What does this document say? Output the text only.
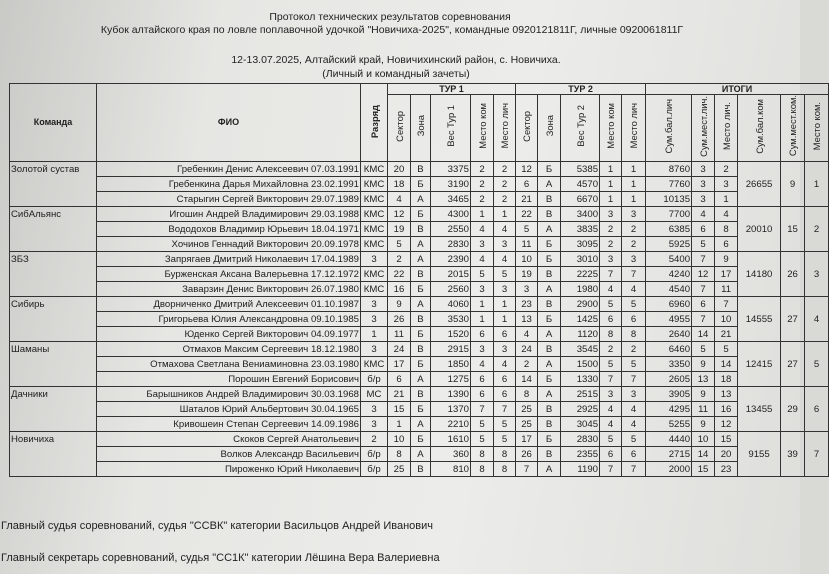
Протокол технических результатов соревнования
Кубок алтайского края по ловле поплавочной удочкой "Новичиха-2025", командные 0920121811Г, личные 0920061811Г
12-13.07.2025, Алтайский край, Новичихинский район, с. Новичиха.
(Личный и командный зачеты)
Команда	ФИО	Разряд	ТУР 1					ТУР 2					ИТОГИ					
			Сектор	Зона	Вес Тур 1	Место ком	Место лич	Сектор	Зона	Вес Тур 2	Место ком	Место лич	Сум.бал.лич	Сум.мест.лич.	Место лич.	Сум.бал.ком	Сум.мест.ком.	Место ком.

Золотой сустав	Гребенкин Денис Алексеевич 07.03.1991	КМС	20	В	3375	2	2	12	Б	5385	1	1	8760	3	2	26655	9	1
	Гребенкина Дарья Михайловна 23.02.1991	КМС	18	Б	3190	2	2	6	А	4570	1	1	7760	3	3			
	Старыгин Сергей Викторович 29.07.1989	КМС	4	А	3465	2	2	21	В	6670	1	1	10135	3	1			

СибАльянс	Игошин Андрей Владимирович 29.03.1988	КМС	12	Б	4300	1	1	22	В	3400	3	3	7700	4	4	20010	15	2
	Вододохов Владимир Юрьевич 18.04.1971	КМС	19	В	2550	4	4	5	А	3835	2	2	6385	6	8			
	Хочинов Геннадий Викторович 20.09.1978	КМС	5	А	2830	3	3	11	Б	3095	2	2	5925	5	6			

ЗБЗ	Запрягаев Дмитрий Николаевич 17.04.1989	3	2	А	2390	4	4	10	Б	3010	3	3	5400	7	9	14180	26	3
	Бурженская Аксана Валерьевна 17.12.1972	КМС	22	В	2015	5	5	19	В	2225	7	7	4240	12	17			
	Заварзин Денис Викторович 26.07.1980	КМС	16	Б	2560	3	3	3	А	1980	4	4	4540	7	11			

Сибирь	Дворниченко Дмитрий Алексеевич 01.10.1987	3	9	А	4060	1	1	23	В	2900	5	5	6960	6	7	14555	27	4
	Григорьева Юлия Александровна 09.10.1985	3	26	В	3530	1	1	13	Б	1425	6	6	4955	7	10			
	Юденко Сергей Викторович 04.09.1977	1	11	Б	1520	6	6	4	А	1120	8	8	2640	14	21			

Шаманы	Отмахов Максим Сергеевич 18.12.1980	3	24	В	2915	3	3	24	В	3545	2	2	6460	5	5	12415	27	5
	Отмахова Светлана Вениаминовна 23.03.1980	КМС	17	Б	1850	4	4	2	А	1500	5	5	3350	9	14			
	Порошин Евгений Борисович	б/р	6	А	1275	6	6	14	Б	1330	7	7	2605	13	18			

Дачники	Барышников Андрей Владимирович 30.03.1968	МС	21	В	1390	6	6	8	А	2515	3	3	3905	9	13	13455	29	6
	Шаталов Юрий Альбертович 30.04.1965	3	15	Б	1370	7	7	25	В	2925	4	4	4295	11	16			
	Кривошеин Степан Сергеевич 14.09.1986	3	1	А	2210	5	5	25	В	3045	4	4	5255	9	12			

Новичиха	Скоков Сергей Анатольевич	2	10	Б	1610	5	5	17	Б	2830	5	5	4440	10	15	9155	39	7
	Волков Александр Васильевич	б/р	8	А	360	8	8	26	В	2355	6	6	2715	14	20			
	Пироженко Юрий Николаевич	б/р	25	В	810	8	8	7	А	1190	7	7	2000	15	23			
Главный судья соревнований, судья "ССВК" категории Васильцов Андрей Иванович
Главный секретарь соревнований, судья "СС1К" категории Лёшина Вера Валериевна
